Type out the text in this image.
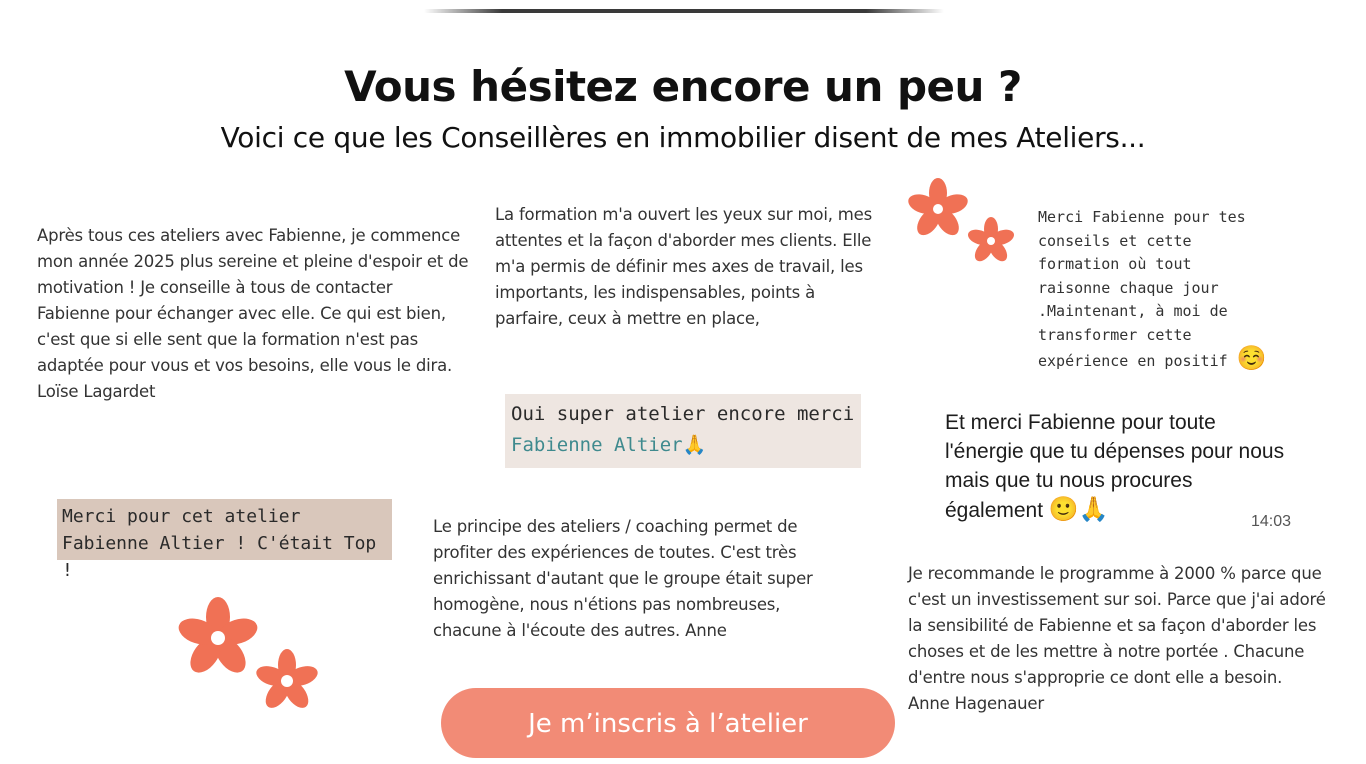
Vous hésitez encore un peu ?
Voici ce que les Conseillères en immobilier disent de mes Ateliers...
Après tous ces ateliers avec Fabienne, je commence mon année 2025 plus sereine et pleine d'espoir et de motivation ! Je conseille à tous de contacter Fabienne pour échanger avec elle. Ce qui est bien, c'est que si elle sent que la formation n'est pas adaptée pour vous et vos besoins, elle vous le dira. Loïse Lagardet
La formation m'a ouvert les yeux sur moi, mes attentes et la façon d'aborder mes clients. Elle m'a permis de définir mes axes de travail, les importants, les indispensables, points à parfaire, ceux à mettre en place,
Oui super atelier encore merci
Fabienne Altier🙏
Merci pour cet atelier Fabienne Altier ! C'était Top !
Merci Fabienne pour tes conseils et cette formation où tout raisonne chaque jour .Maintenant, à moi de transformer cette expérience en positif ☺️
Et merci Fabienne pour toute l'énergie que tu dépenses pour nous mais que tu nous procures également 🙂🙏	14:03
Le principe des ateliers / coaching permet de profiter des expériences de toutes. C'est très enrichissant d'autant que le groupe était super homogène, nous n'étions pas nombreuses, chacune à l'écoute des autres. Anne
Je recommande le programme à 2000 % parce que c'est un investissement sur soi. Parce que j'ai adoré la sensibilité de Fabienne et sa façon d'aborder les choses et de les mettre à notre portée . Chacune d'entre nous s'approprie ce dont elle a besoin. Anne Hagenauer
Je m’inscris à l’atelier
